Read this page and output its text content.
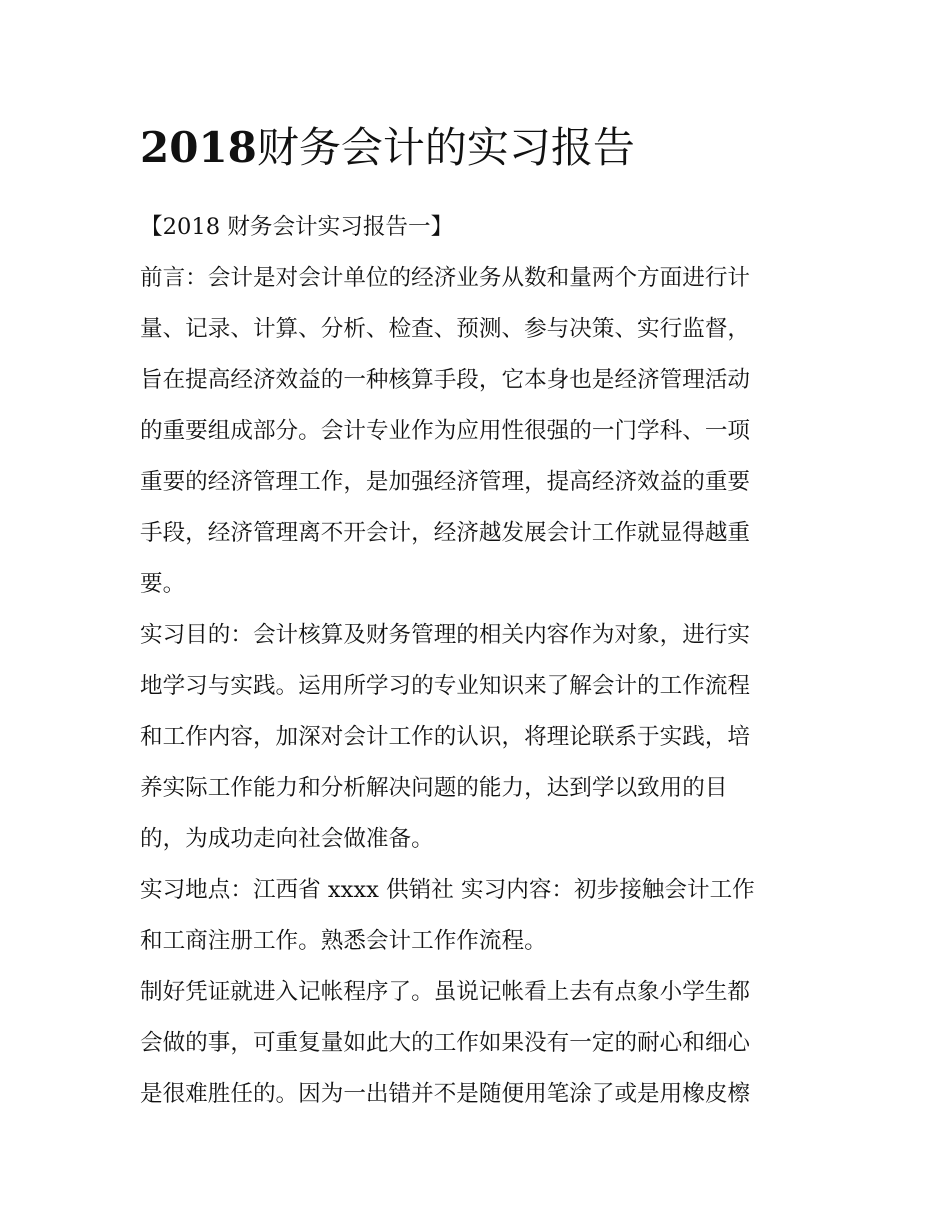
2018财务会计的实习报告

【2018 财务会计实习报告一】

前言：会计是对会计单位的经济业务从数和量两个方面进行计

量、记录、计算、分析、检查、预测、参与决策、实行监督，

旨在提高经济效益的一种核算手段，它本身也是经济管理活动

的重要组成部分。会计专业作为应用性很强的一门学科、一项

重要的经济管理工作，是加强经济管理，提高经济效益的重要

手段，经济管理离不开会计，经济越发展会计工作就显得越重

要。

实习目的：会计核算及财务管理的相关内容作为对象，进行实

地学习与实践。运用所学习的专业知识来了解会计的工作流程

和工作内容，加深对会计工作的认识，将理论联系于实践，培

养实际工作能力和分析解决问题的能力，达到学以致用的目

的，为成功走向社会做准备。

实习地点：江西省 xxxx 供销社 实习内容：初步接触会计工作

和工商注册工作。熟悉会计工作作流程。

制好凭证就进入记帐程序了。虽说记帐看上去有点象小学生都

会做的事，可重复量如此大的工作如果没有一定的耐心和细心

是很难胜任的。因为一出错并不是随便用笔涂了或是用橡皮檫
